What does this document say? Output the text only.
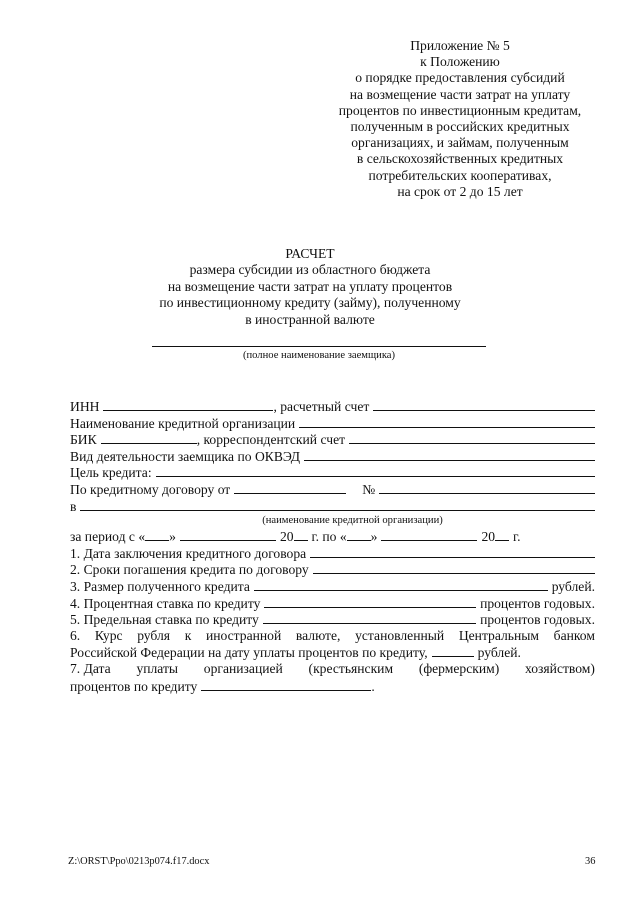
Приложение № 5
к Положению
о порядке предоставления субсидий
на возмещение части затрат на уплату
процентов по инвестиционным кредитам,
полученным в российских кредитных
организациях, и займам, полученным
в сельскохозяйственных кредитных
потребительских кооперативах,
на срок от 2 до 15 лет
РАСЧЕТ
размера субсидии из областного бюджета
на возмещение части затрат на уплату процентов
по инвестиционному кредиту (займу), полученному
в иностранной валюте
(полное наименование заемщика)
ИНН	, расчетный счет
Наименование кредитной организации
БИК	, корреспондентский счет
Вид деятельности заемщика по ОКВЭД
Цель кредита:
По кредитному договору от	№
в
(наименование кредитной организации)
за период с « »	20 г. по « »	20 г.
1. Дата заключения кредитного договора
2. Сроки погашения кредита по договору
3. Размер полученного кредита	рублей.
4. Процентная ставка по кредиту	процентов годовых.
5. Предельная ставка по кредиту	процентов годовых.
6. Курс рубля к иностранной валюте, установленный Центральным банком
Российской Федерации на дату уплаты процентов по кредиту,	рублей.
7. Дата уплаты организацией (крестьянским (фермерским) хозяйством)
процентов по кредиту	.
Z:\ORST\Ppo\0213p074.f17.docx	36
